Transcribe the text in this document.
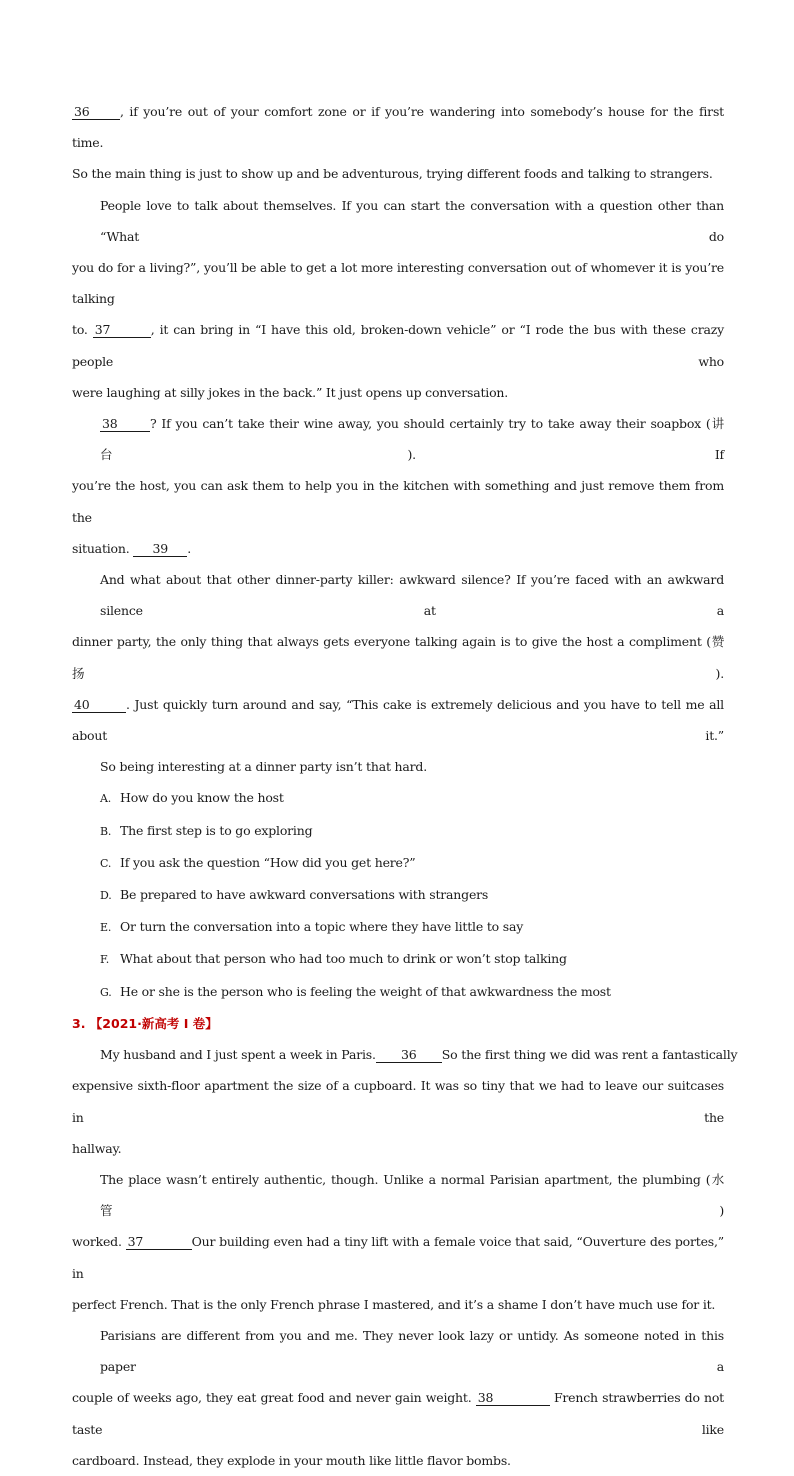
36 , if you’re out of your comfort zone or if you’re wandering into somebody’s house for the first time.
So the main thing is just to show up and be adventurous, trying different foods and talking to strangers.
People love to talk about themselves. If you can start the conversation with a question other than “What do
you do for a living?”, you’ll be able to get a lot more interesting conversation out of whomever it is you’re talking
to. 37	, it can bring in “I have this old, broken-down vehicle” or “I rode the bus with these crazy people who
were laughing at silly jokes in the back.” It just opens up conversation.
38	? If you can’t take their wine away, you should certainly try to take away their soapbox (讲台). If
you’re the host, you can ask them to help you in the kitchen with something and just remove them from the
situation. 39 .
And what about that other dinner-party killer: awkward silence? If you’re faced with an awkward silence at a
dinner party, the only thing that always gets everyone talking again is to give the host a compliment (赞扬).
40	. Just quickly turn around and say, “This cake is extremely delicious and you have to tell me all about it.”
So being interesting at a dinner party isn’t that hard.
A. How do you know the host
B. The first step is to go exploring
C. If you ask the question “How did you get here?”
D. Be prepared to have awkward conversations with strangers
E. Or turn the conversation into a topic where they have little to say
F. What about that person who had too much to drink or won’t stop talking
G. He or she is the person who is feeling the weight of that awkwardness the most
3. 【2021·新高考 I 卷】
My husband and I just spent a week in Paris. 36 So the first thing we did was rent a fantastically
expensive sixth-floor apartment the size of a cupboard. It was so tiny that we had to leave our suitcases in the
hallway.
The place wasn’t entirely authentic, though. Unlike a normal Parisian apartment, the plumbing (水 管)
worked. 37	Our building even had a tiny lift with a female voice that said, “Ouverture des portes,” in
perfect French. That is the only French phrase I mastered, and it’s a shame I don’t have much use for it.
Parisians are different from you and me. They never look lazy or untidy. As someone noted in this paper a
couple of weeks ago, they eat great food and never gain weight. 38	French strawberries do not taste like
cardboard. Instead, they explode in your mouth like little flavor bombs.
